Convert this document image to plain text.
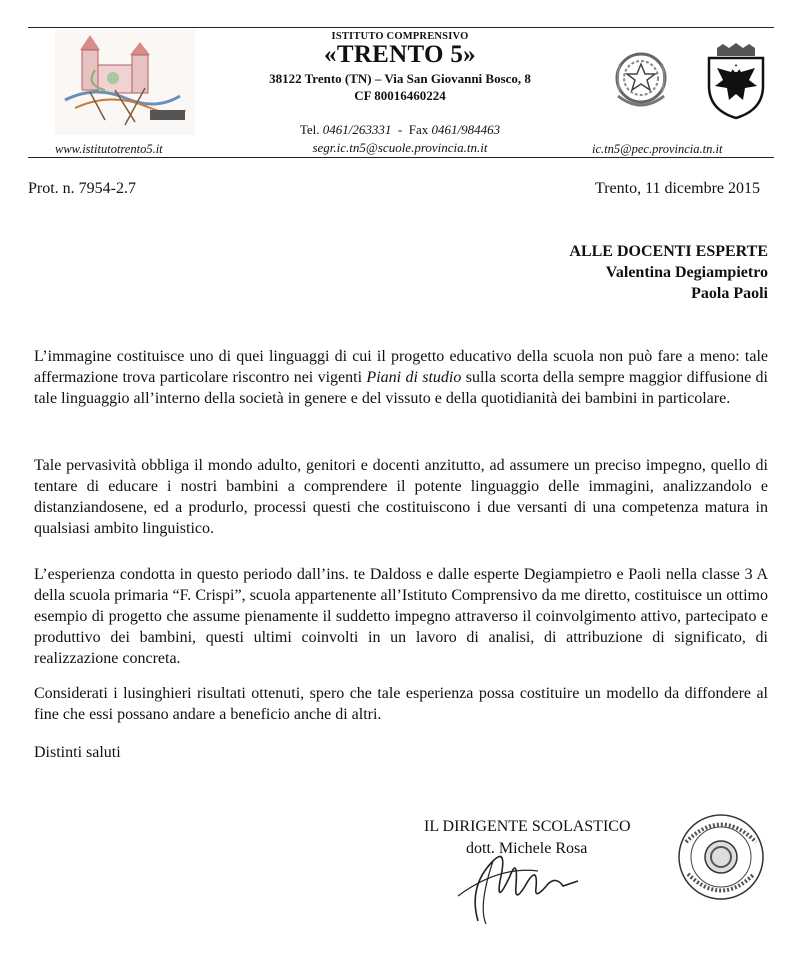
ISTITUTO COMPRENSIVO
«TRENTO 5»
38122 Trento (TN) – Via San Giovanni Bosco, 8
CF 80016460224
Tel. 0461/263331  -  Fax 0461/984463
segr.ic.tn5@scuole.provincia.tn.it
www.istitutotrento5.it	ic.tn5@pec.provincia.tn.it
Prot. n. 7954-2.7	Trento, 11 dicembre 2015
ALLE DOCENTI ESPERTE
Valentina Degiampietro
Paola Paoli

L’immagine costituisce uno di quei linguaggi di cui il progetto educativo della scuola non può fare a meno: tale affermazione trova particolare riscontro nei vigenti Piani di studio sulla scorta della sempre maggior diffusione di tale linguaggio all’interno della società in genere e del vissuto e della quotidianità dei bambini in particolare.

Tale pervasività obbliga il mondo adulto, genitori e docenti anzitutto, ad assumere un preciso impegno, quello di tentare di educare i nostri bambini a comprendere il potente linguaggio delle immagini, analizzandolo e distanziandosene, ed a produrlo, processi questi che costituiscono i due versanti di una competenza matura in qualsiasi ambito linguistico.

L’esperienza condotta in questo periodo dall’ins. te Daldoss e dalle esperte Degiampietro e Paoli nella classe 3 A della scuola primaria “F. Crispi”, scuola appartenente all’Istituto Comprensivo da me diretto, costituisce un ottimo esempio di progetto che assume pienamente il suddetto impegno attraverso il coinvolgimento attivo, partecipato e produttivo dei bambini, questi ultimi coinvolti in un lavoro di analisi, di attribuzione di significato, di realizzazione concreta.

Considerati i lusinghieri risultati ottenuti, spero che tale esperienza possa costituire un modello da diffondere al fine che essi possano andare a beneficio anche di altri.

Distinti saluti
IL DIRIGENTE SCOLASTICO
dott. Michele Rosa
